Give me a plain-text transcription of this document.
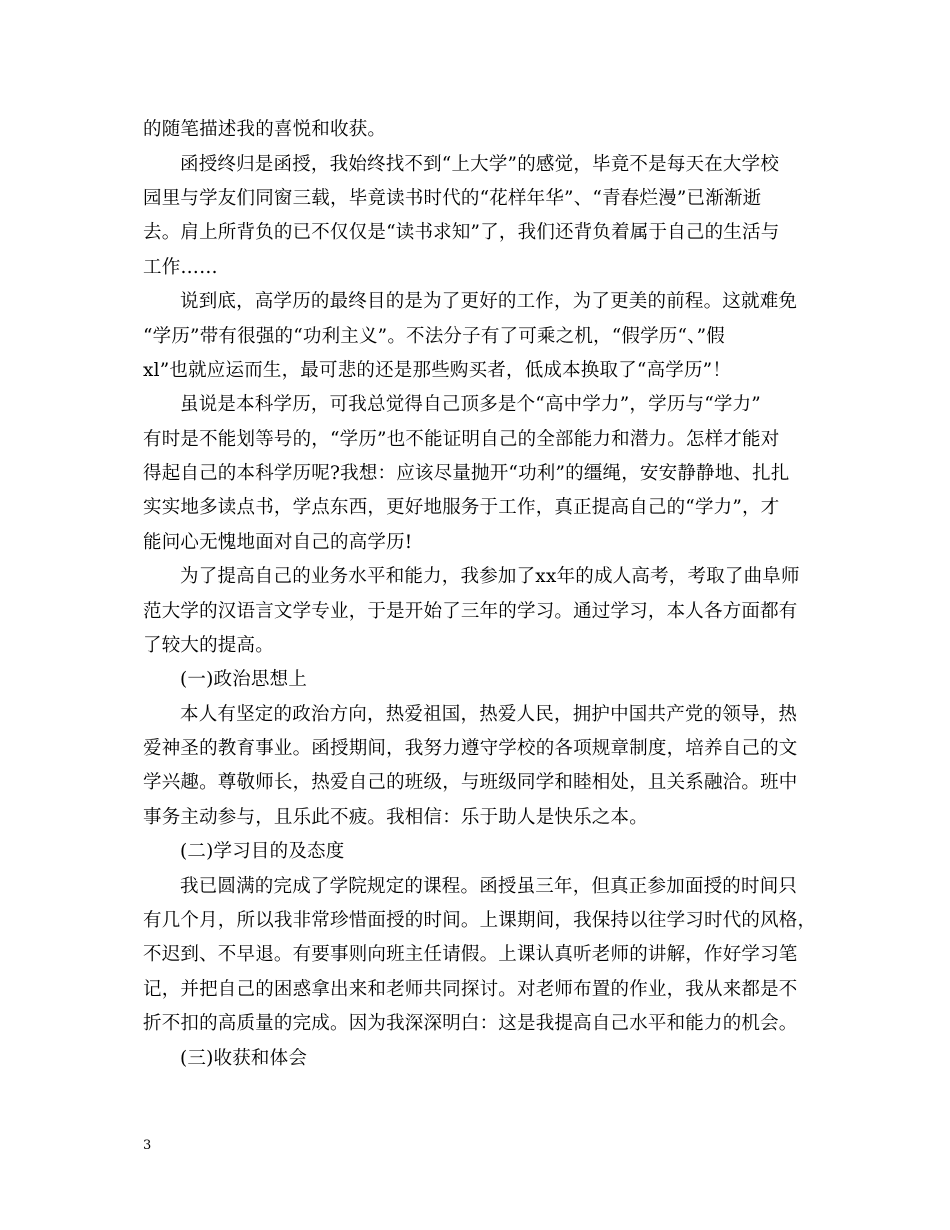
的随笔描述我的喜悦和收获。
函授终归是函授，我始终找不到“上大学”的感觉，毕竟不是每天在大学校
园里与学友们同窗三载，毕竟读书时代的“花样年华”、“青春烂漫”已渐渐逝
去。肩上所背负的已不仅仅是“读书求知”了，我们还背负着属于自己的生活与
工作……
说到底，高学历的最终目的是为了更好的工作，为了更美的前程。这就难免
“学历”带有很强的“功利主义”。不法分子有了可乘之机，“假学历“、”假
xl”也就应运而生，最可悲的还是那些购买者，低成本换取了“高学历”！
虽说是本科学历，可我总觉得自己顶多是个“高中学力”，学历与“学力”
有时是不能划等号的，“学历”也不能证明自己的全部能力和潜力。怎样才能对
得起自己的本科学历呢?我想：应该尽量抛开“功利”的缰绳，安安静静地、扎扎
实实地多读点书，学点东西，更好地服务于工作，真正提高自己的“学力”，才
能问心无愧地面对自己的高学历!
为了提高自己的业务水平和能力，我参加了xx年的成人高考，考取了曲阜师
范大学的汉语言文学专业，于是开始了三年的学习。通过学习，本人各方面都有
了较大的提高。
(一)政治思想上
本人有坚定的政治方向，热爱祖国，热爱人民，拥护中国共产党的领导，热
爱神圣的教育事业。函授期间，我努力遵守学校的各项规章制度，培养自己的文
学兴趣。尊敬师长，热爱自己的班级，与班级同学和睦相处，且关系融洽。班中
事务主动参与，且乐此不疲。我相信：乐于助人是快乐之本。
(二)学习目的及态度
我已圆满的完成了学院规定的课程。函授虽三年，但真正参加面授的时间只
有几个月，所以我非常珍惜面授的时间。上课期间，我保持以往学习时代的风格，
不迟到、不早退。有要事则向班主任请假。上课认真听老师的讲解，作好学习笔
记，并把自己的困惑拿出来和老师共同探讨。对老师布置的作业，我从来都是不
折不扣的高质量的完成。因为我深深明白：这是我提高自己水平和能力的机会。
(三)收获和体会
3
